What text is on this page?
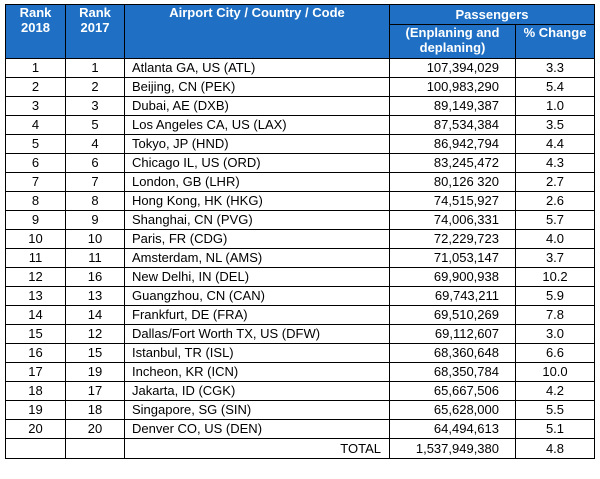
Rank 2018	Rank 2017	Airport City / Country / Code	Passengers	
			(Enplaning and deplaning)	% Change
1	1	Atlanta GA, US (ATL)	107,394,029	3.3
2	2	Beijing, CN (PEK)	100,983,290	5.4
3	3	Dubai, AE (DXB)	89,149,387	1.0
4	5	Los Angeles CA, US (LAX)	87,534,384	3.5
5	4	Tokyo, JP (HND)	86,942,794	4.4
6	6	Chicago IL, US (ORD)	83,245,472	4.3
7	7	London, GB (LHR)	80,126 320	2.7
8	8	Hong Kong, HK (HKG)	74,515,927	2.6
9	9	Shanghai, CN (PVG)	74,006,331	5.7
10	10	Paris, FR (CDG)	72,229,723	4.0
11	11	Amsterdam, NL (AMS)	71,053,147	3.7
12	16	New Delhi, IN (DEL)	69,900,938	10.2
13	13	Guangzhou, CN (CAN)	69,743,211	5.9
14	14	Frankfurt, DE (FRA)	69,510,269	7.8
15	12	Dallas/Fort Worth TX, US (DFW)	69,112,607	3.0
16	15	Istanbul, TR (ISL)	68,360,648	6.6
17	19	Incheon, KR (ICN)	68,350,784	10.0
18	17	Jakarta, ID (CGK)	65,667,506	4.2
19	18	Singapore, SG (SIN)	65,628,000	5.5
20	20	Denver CO, US (DEN)	64,494,613	5.1
		TOTAL	1,537,949,380	4.8
